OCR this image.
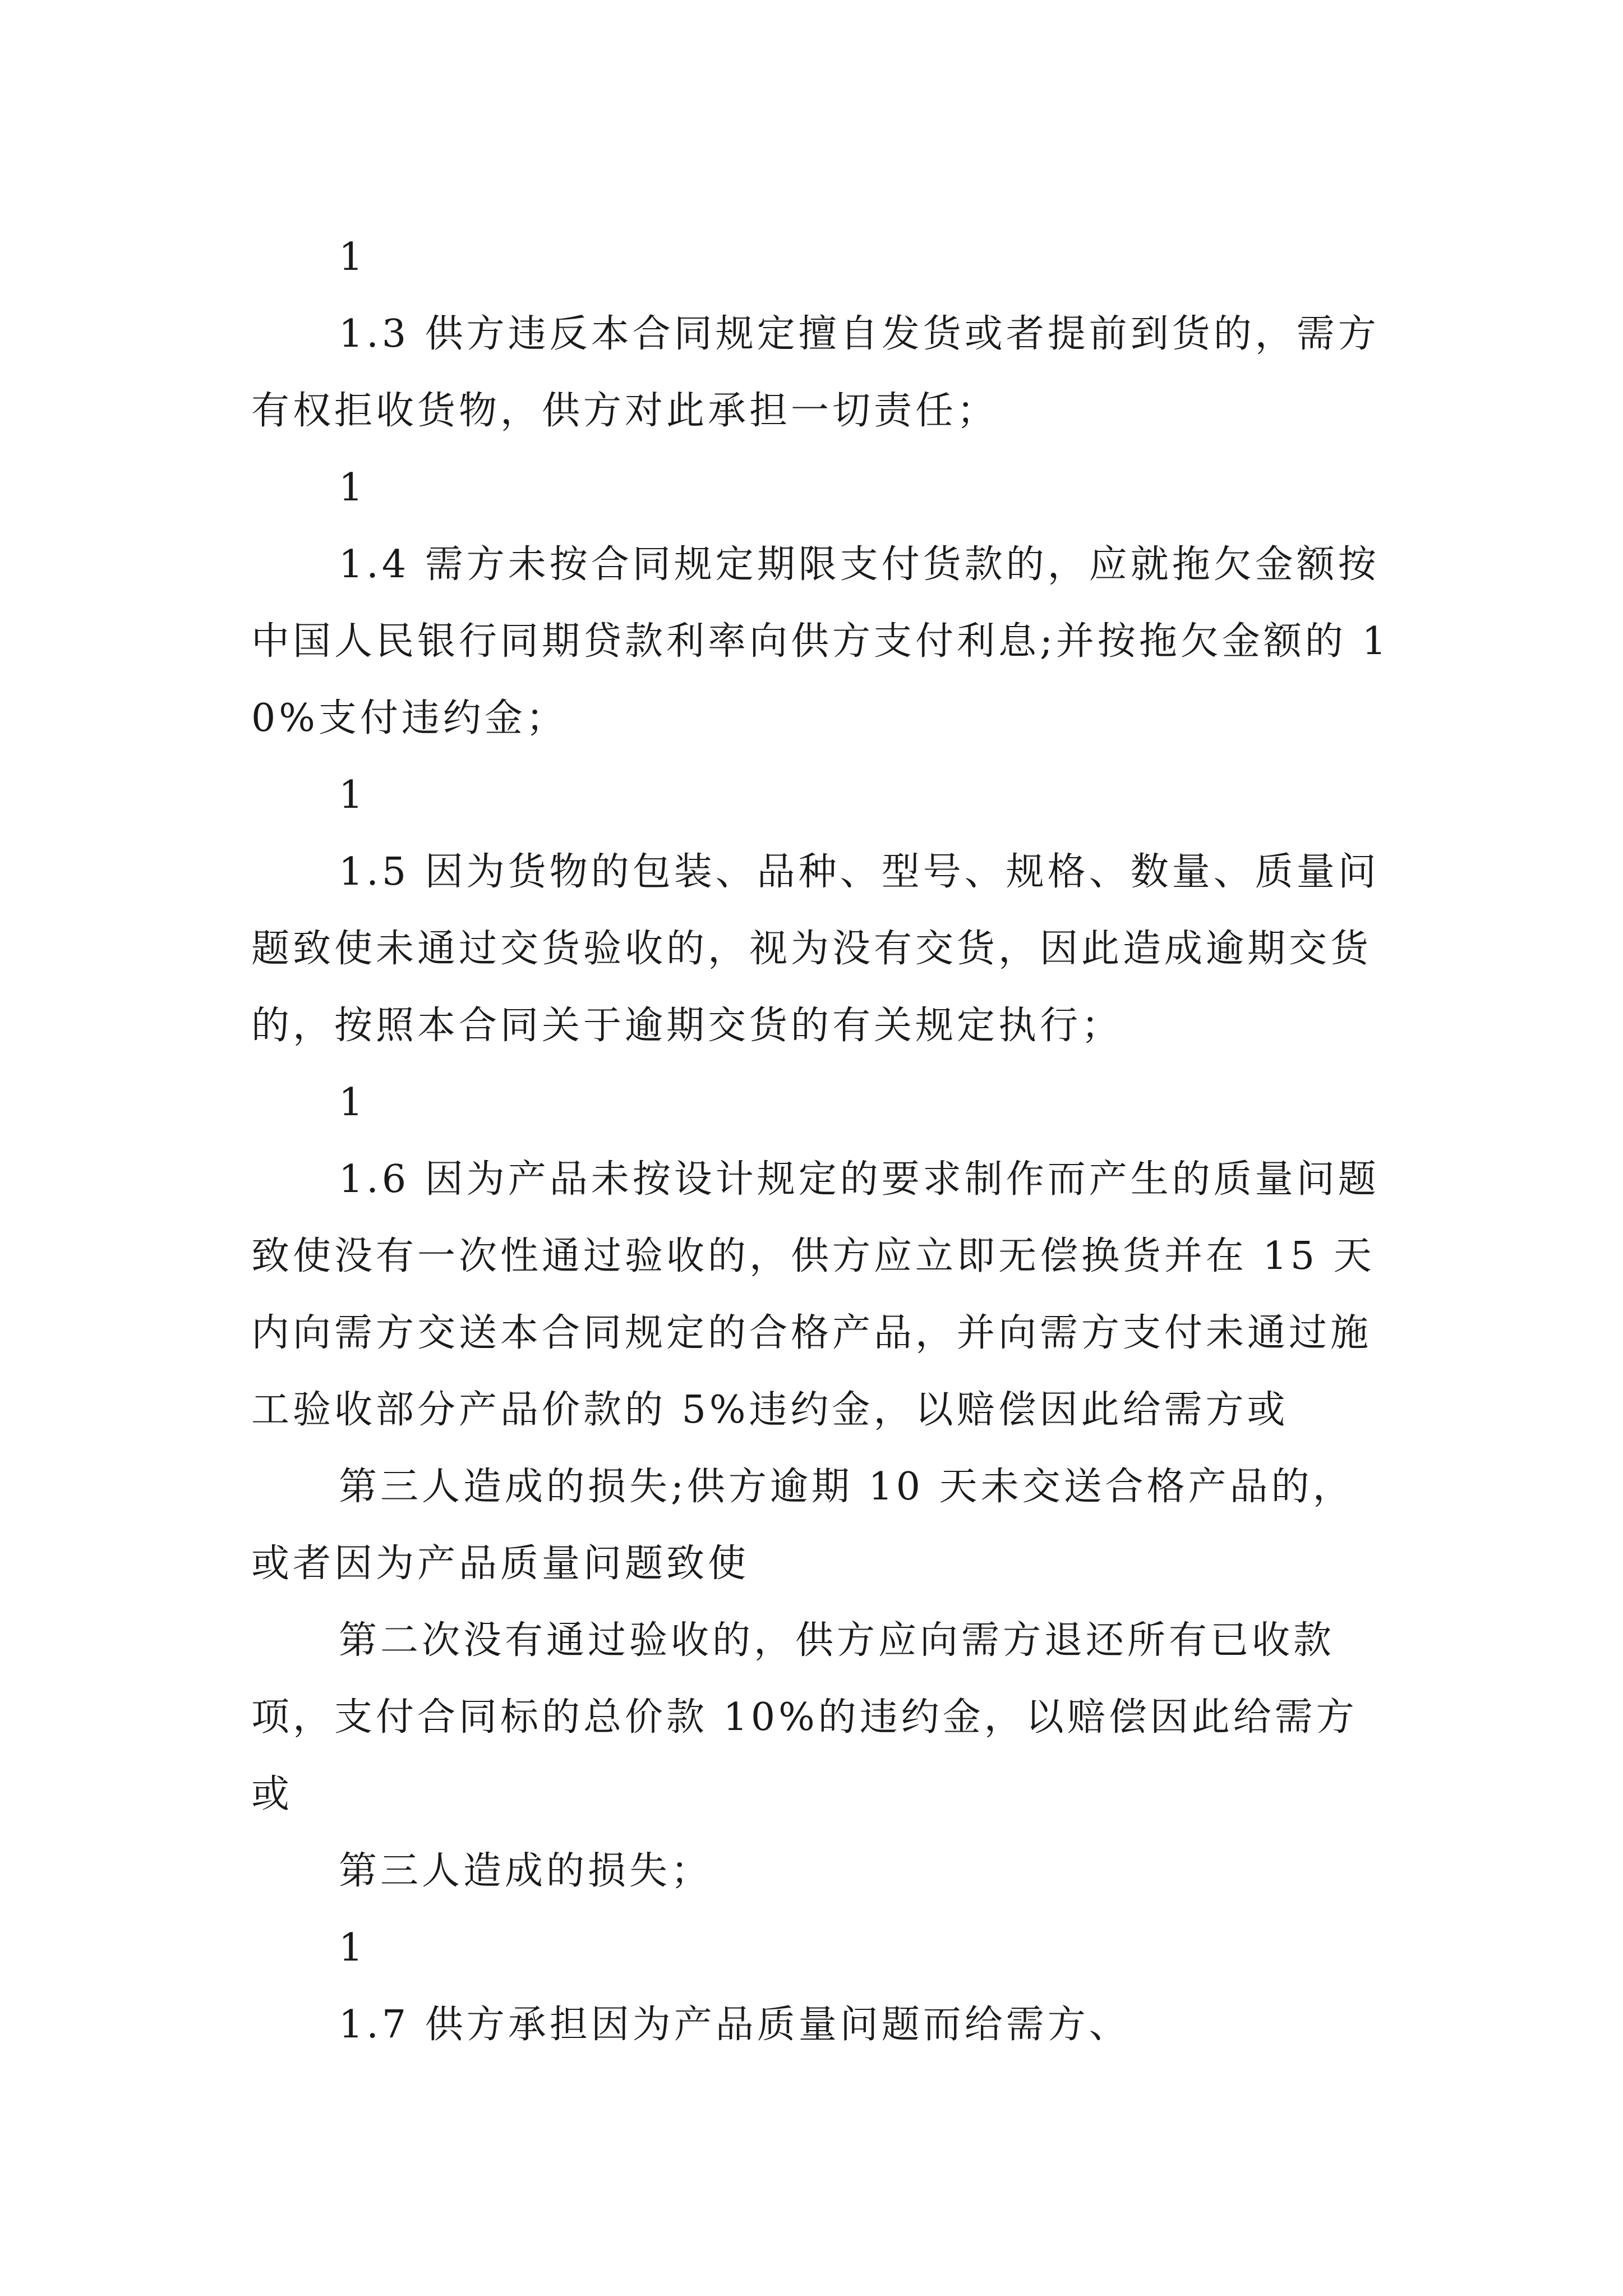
1

1.3 供方违反本合同规定擅自发货或者提前到货的，需方有权拒收货物，供方对此承担一切责任；

1

1.4 需方未按合同规定期限支付货款的，应就拖欠金额按中国人民银行同期贷款利率向供方支付利息;并按拖欠金额的 10%支付违约金；

1

1.5 因为货物的包装、品种、型号、规格、数量、质量问题致使未通过交货验收的，视为没有交货，因此造成逾期交货的，按照本合同关于逾期交货的有关规定执行；

1

1.6 因为产品未按设计规定的要求制作而产生的质量问题致使没有一次性通过验收的，供方应立即无偿换货并在 15 天内向需方交送本合同规定的合格产品，并向需方支付未通过施工验收部分产品价款的 5%违约金，以赔偿因此给需方或

第三人造成的损失;供方逾期 10 天未交送合格产品的，或者因为产品质量问题致使

第二次没有通过验收的，供方应向需方退还所有已收款项，支付合同标的总价款 10%的违约金，以赔偿因此给需方或

第三人造成的损失；

1

1.7 供方承担因为产品质量问题而给需方、
